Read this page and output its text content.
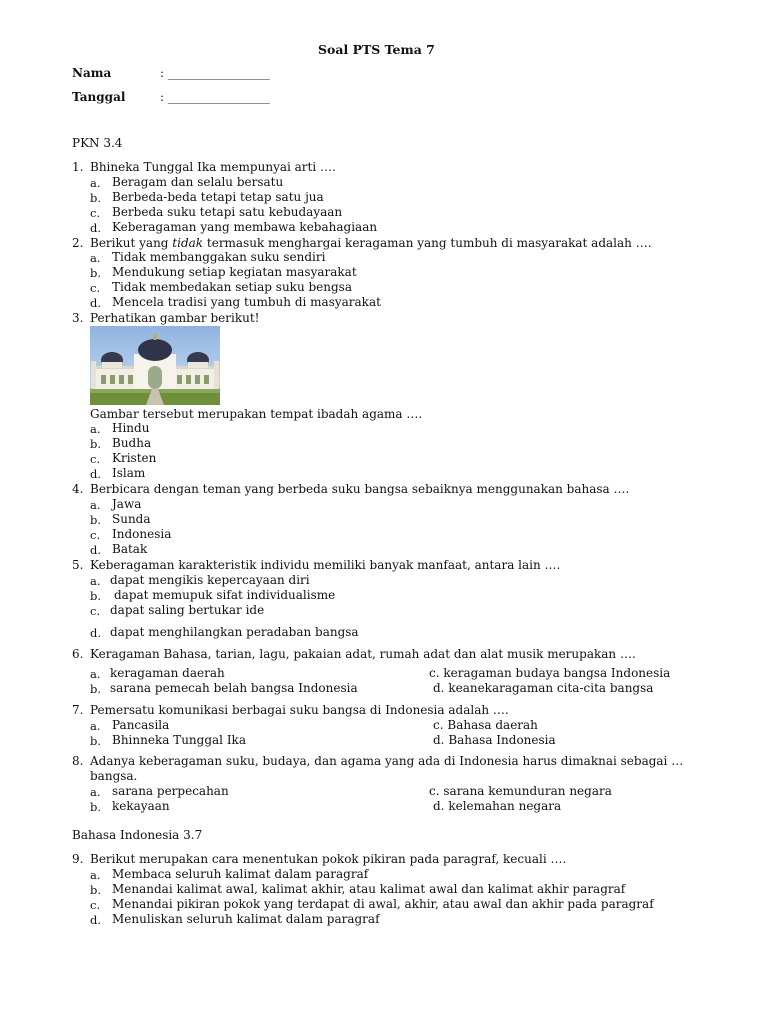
Soal PTS Tema 7
Nama	: _________________
Tanggal	: _________________
PKN 3.4
1. Bhineka Tunggal Ika mempunyai arti ….
a. Beragam dan selalu bersatu
b. Berbeda-beda tetapi tetap satu jua
c. Berbeda suku tetapi satu kebudayaan
d. Keberagaman yang membawa kebahagiaan
2. Berikut yang tidak termasuk menghargai keragaman yang tumbuh di masyarakat adalah ….
a. Tidak membanggakan suku sendiri
b. Mendukung setiap kegiatan masyarakat
c. Tidak membedakan setiap suku bengsa
d. Mencela tradisi yang tumbuh di masyarakat
3. Perhatikan gambar berikut!
Gambar tersebut merupakan tempat ibadah agama ….
a. Hindu
b. Budha
c. Kristen
d. Islam
4. Berbicara dengan teman yang berbeda suku bangsa sebaiknya menggunakan bahasa ….
a. Jawa
b. Sunda
c. Indonesia
d. Batak
5. Keberagaman karakteristik individu memiliki banyak manfaat, antara lain ….
a. dapat mengikis kepercayaan diri
b. dapat memupuk sifat individualisme
c. dapat saling bertukar ide
d. dapat menghilangkan peradaban bangsa
6. Keragaman Bahasa, tarian, lagu, pakaian adat, rumah adat dan alat musik merupakan ….
a. keragaman daerah
b. sarana pemecah belah bangsa Indonesia
c. keragaman budaya bangsa Indonesia
d. keanekaragaman cita-cita bangsa
7. Pemersatu komunikasi berbagai suku bangsa di Indonesia adalah ….
a. Pancasila
b. Bhinneka Tunggal Ika
c. Bahasa daerah
d. Bahasa Indonesia
8. Adanya keberagaman suku, budaya, dan agama yang ada di Indonesia harus dimaknai sebagai …
bangsa.
a. sarana perpecahan
b. kekayaan
c. sarana kemunduran negara
d. kelemahan negara
Bahasa Indonesia 3.7
9. Berikut merupakan cara menentukan pokok pikiran pada paragraf, kecuali ….
a. Membaca seluruh kalimat dalam paragraf
b. Menandai kalimat awal, kalimat akhir, atau kalimat awal dan kalimat akhir paragraf
c. Menandai pikiran pokok yang terdapat di awal, akhir, atau awal dan akhir pada paragraf
d. Menuliskan seluruh kalimat dalam paragraf
